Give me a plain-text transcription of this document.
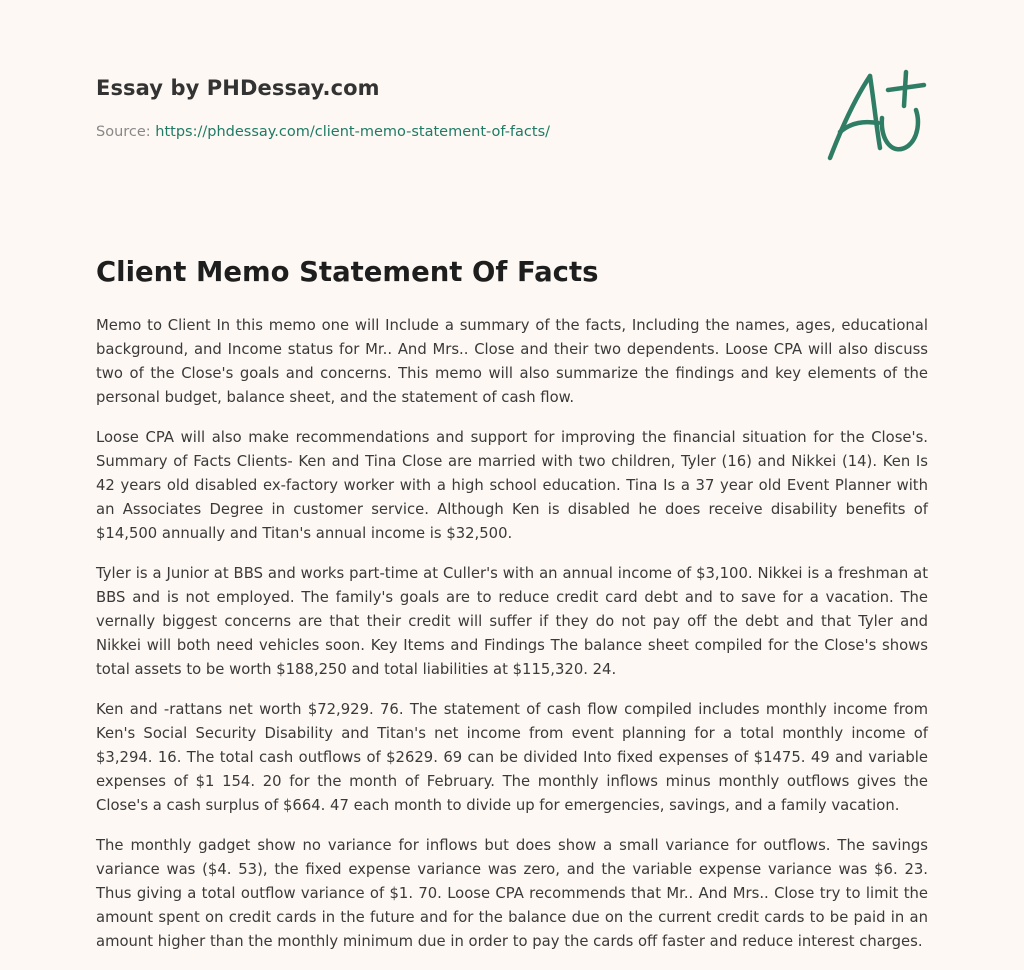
Essay by PHDessay.com
Source: https://phdessay.com/client-memo-statement-of-facts/
Client Memo Statement Of Facts

Memo to Client In this memo one will Include a summary of the facts, Including the names, ages, educational background, and Income status for Mr.. And Mrs.. Close and their two dependents. Loose CPA will also discuss two of the Close's goals and concerns. This memo will also summarize the findings and key elements of the personal budget, balance sheet, and the statement of cash flow.

Loose CPA will also make recommendations and support for improving the financial situation for the Close's. Summary of Facts Clients- Ken and Tina Close are married with two children, Tyler (16) and Nikkei (14). Ken Is 42 years old disabled ex-factory worker with a high school education. Tina Is a 37 year old Event Planner with an Associates Degree in customer service. Although Ken is disabled he does receive disability benefits of $14,500 annually and Titan's annual income is $32,500.

Tyler is a Junior at BBS and works part-time at Culler's with an annual income of $3,100. Nikkei is a freshman at BBS and is not employed. The family's goals are to reduce credit card debt and to save for a vacation. The vernally biggest concerns are that their credit will suffer if they do not pay off the debt and that Tyler and Nikkei will both need vehicles soon. Key Items and Findings The balance sheet compiled for the Close's shows total assets to be worth $188,250 and total liabilities at $115,320. 24.

Ken and -rattans net worth $72,929. 76. The statement of cash flow compiled includes monthly income from Ken's Social Security Disability and Titan's net income from event planning for a total monthly income of $3,294. 16. The total cash outflows of $2629. 69 can be divided Into fixed expenses of $1475. 49 and variable expenses of $1 154. 20 for the month of February. The monthly inflows minus monthly outflows gives the Close's a cash surplus of $664. 47 each month to divide up for emergencies, savings, and a family vacation.

The monthly gadget show no variance for inflows but does show a small variance for outflows. The savings variance was ($4. 53), the fixed expense variance was zero, and the variable expense variance was $6. 23. Thus giving a total outflow variance of $1. 70. Loose CPA recommends that Mr.. And Mrs.. Close try to limit the amount spent on credit cards in the future and for the balance due on the current credit cards to be paid in an amount higher than the monthly minimum due in order to pay the cards off faster and reduce interest charges.
